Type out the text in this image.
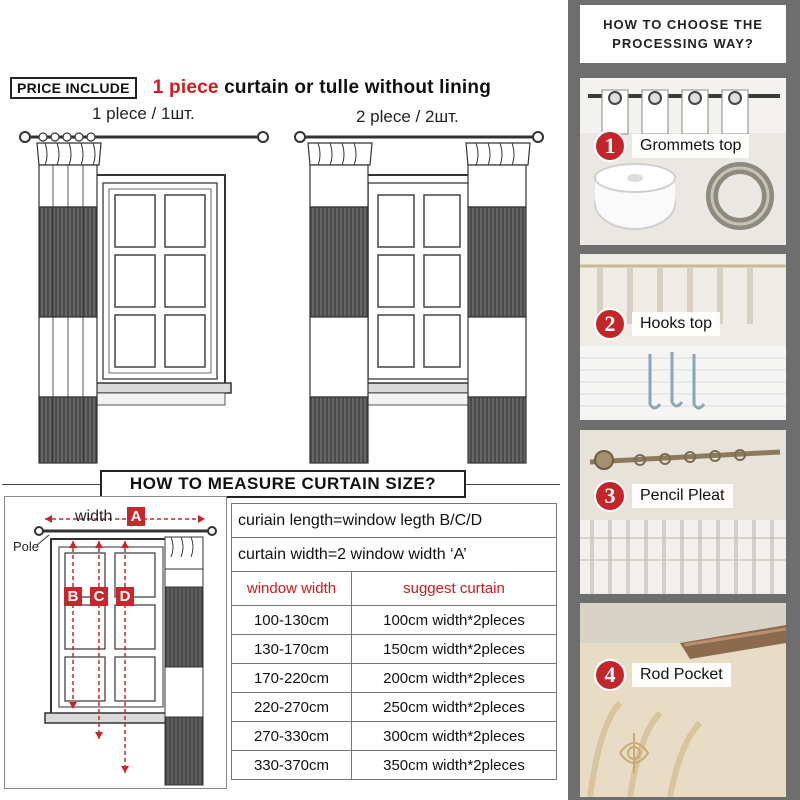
PRICE INCLUDE	1 piece curtain or tulle without lining
1 plece / 1шт.	2 plece / 2шт.
HOW TO MEASURE CURTAIN SIZE?
width A
Pole
B C D
curiain length=window legth B/C/D	
curtain width=2 window width ‘A’	
window width	suggest curtain
100-130cm	100cm width*2pleces
130-170cm	150cm width*2pleces
170-220cm	200cm width*2pleces
220-270cm	250cm width*2pleces
270-330cm	300cm width*2pleces
330-370cm	350cm width*2pleces
HOW TO CHOOSE THE
PROCESSING WAY?
1	Grommets top
2	Hooks top
3	Pencil Pleat
4	Rod Pocket
